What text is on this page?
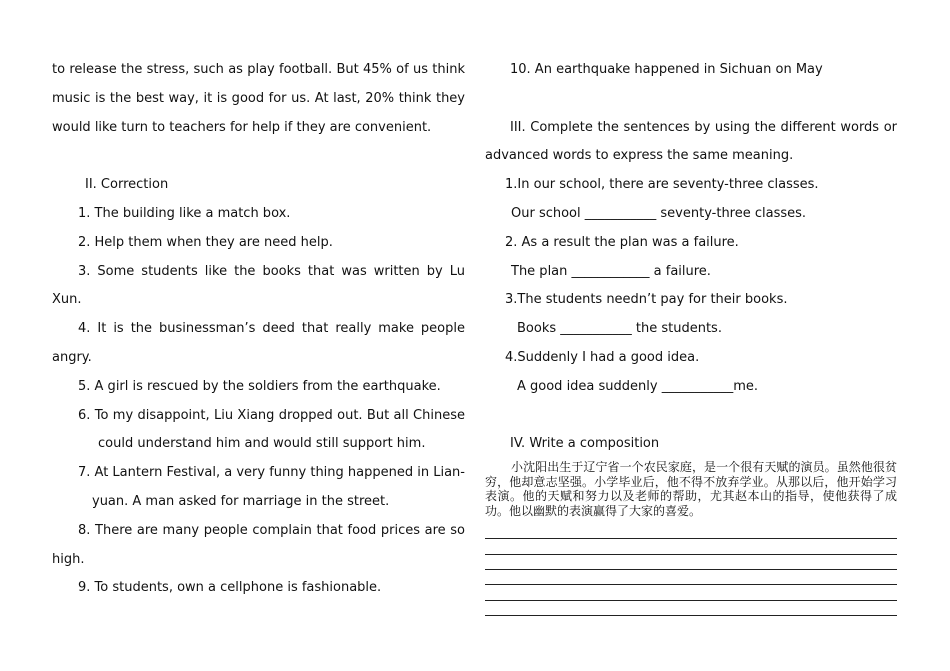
to release the stress, such as play football. But 45% of us think
music is the best way, it is good for us. At last, 20% think they
would like turn to teachers for help if they are convenient.
II. Correction
1. The building like a match box.
2. Help them when they are need help.
3. Some students like the books that was written by Lu
Xun.
4. It is the businessman’s deed that really make people
angry.
5. A girl is rescued by the soldiers from the earthquake.
6. To my disappoint, Liu Xiang dropped out. But all Chinese
could understand him and would still support him.
7. At Lantern Festival, a very funny thing happened in Lian-
yuan. A man asked for marriage in the street.
8. There are many people complain that food prices are so
high.
9. To students, own a cellphone is fashionable.
10. An earthquake happened in Sichuan on May
III. Complete the sentences by using the different words or
advanced words to express the same meaning.
1.In our school, there are seventy-three classes.
Our school ___________ seventy-three classes.
2. As a result the plan was a failure.
The plan ____________ a failure.
3.The students needn’t pay for their books.
Books ___________ the students.
4.Suddenly I had a good idea.
A good idea suddenly ___________me.
IV. Write a composition
小沈阳出生于辽宁省一个农民家庭，是一个很有天赋的演员。虽然他很贫穷，他却意志坚强。小学毕业后，他不得不放弃学业。从那以后，他开始学习表演。他的天赋和努力以及老师的帮助，尤其赵本山的指导，使他获得了成功。他以幽默的表演赢得了大家的喜爱。
